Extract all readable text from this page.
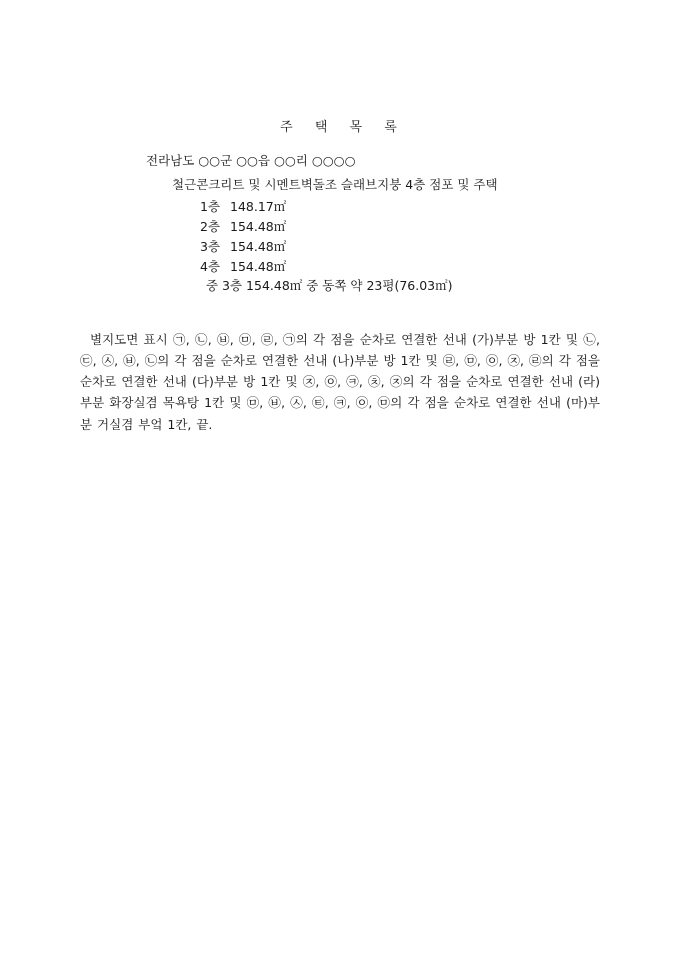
주 택 목 록
전라남도 ○○군 ○○읍 ○○리 ○○○○
철근콘크리트 및 시멘트벽돌조 슬래브지붕 4층 점포 및 주택
1층 148.17㎡
2층 154.48㎡
3층 154.48㎡
4층 154.48㎡
중 3층 154.48㎡ 중 동쪽 약 23평(76.03㎡)

별지도면 표시 ㉠, ㉡, ㉥, ㉤, ㉣, ㉠의 각 점을 순차로 연결한 선내 (가)부분 방 1칸 및 ㉡, ㉢, ㉦, ㉥, ㉡의 각 점을 순차로 연결한 선내 (나)부분 방 1칸 및 ㉣, ㉤, ㉧, ㉨, ㉣의 각 점을 순차로 연결한 선내 (다)부분 방 1칸 및 ㉨, ㉧, ㉪, ㉩, ㉨의 각 점을 순차로 연결한 선내 (라)부분 화장실겸 목욕탕 1칸 및 ㉤, ㉥, ㉦, ㉫, ㉪, ㉧, ㉤의 각 점을 순차로 연결한 선내 (마)부분 거실겸 부엌 1칸, 끝.
